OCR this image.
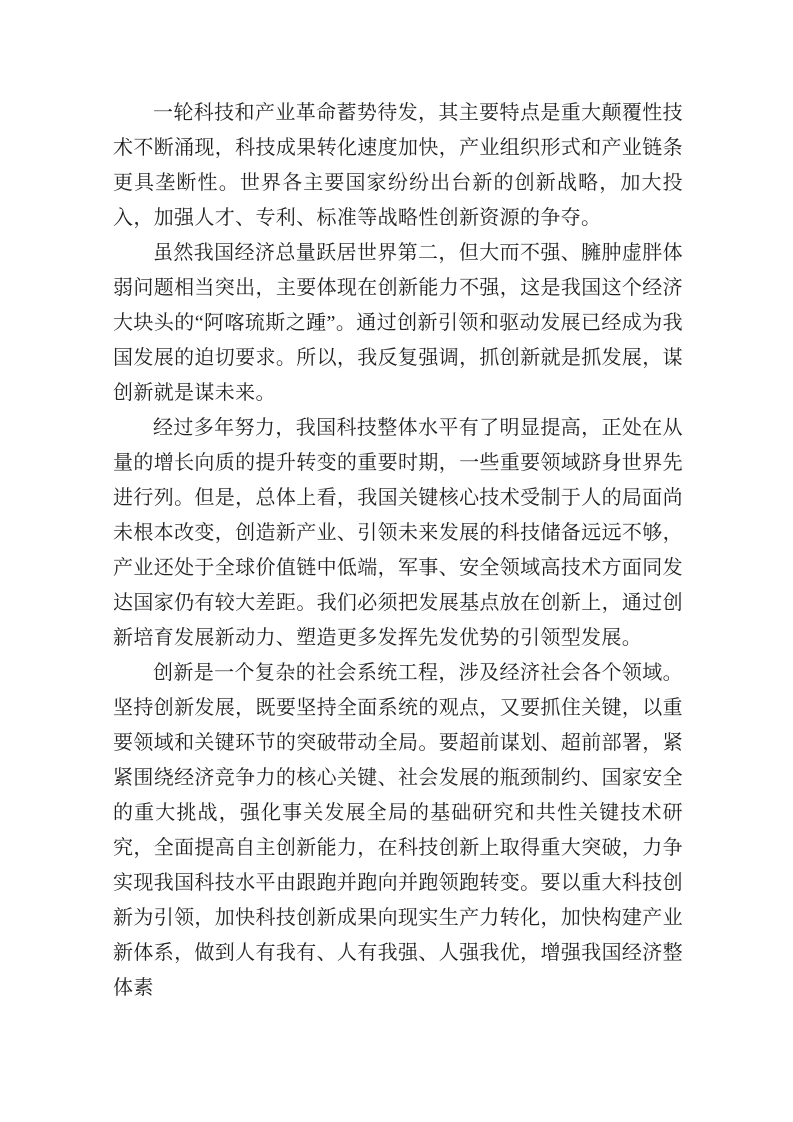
一轮科技和产业革命蓄势待发，其主要特点是重大颠覆性技术不断涌现，科技成果转化速度加快，产业组织形式和产业链条更具垄断性。世界各主要国家纷纷出台新的创新战略，加大投入，加强人才、专利、标准等战略性创新资源的争夺。

虽然我国经济总量跃居世界第二，但大而不强、臃肿虚胖体弱问题相当突出，主要体现在创新能力不强，这是我国这个经济大块头的“阿喀琉斯之踵”。通过创新引领和驱动发展已经成为我国发展的迫切要求。所以，我反复强调，抓创新就是抓发展，谋创新就是谋未来。

经过多年努力，我国科技整体水平有了明显提高，正处在从量的增长向质的提升转变的重要时期，一些重要领域跻身世界先进行列。但是，总体上看，我国关键核心技术受制于人的局面尚未根本改变，创造新产业、引领未来发展的科技储备远远不够，产业还处于全球价值链中低端，军事、安全领域高技术方面同发达国家仍有较大差距。我们必须把发展基点放在创新上，通过创新培育发展新动力、塑造更多发挥先发优势的引领型发展。

创新是一个复杂的社会系统工程，涉及经济社会各个领域。坚持创新发展，既要坚持全面系统的观点，又要抓住关键，以重要领域和关键环节的突破带动全局。要超前谋划、超前部署，紧紧围绕经济竞争力的核心关键、社会发展的瓶颈制约、国家安全的重大挑战，强化事关发展全局的基础研究和共性关键技术研究，全面提高自主创新能力，在科技创新上取得重大突破，力争实现我国科技水平由跟跑并跑向并跑领跑转变。要以重大科技创新为引领，加快科技创新成果向现实生产力转化，加快构建产业新体系，做到人有我有、人有我强、人强我优，增强我国经济整体素
